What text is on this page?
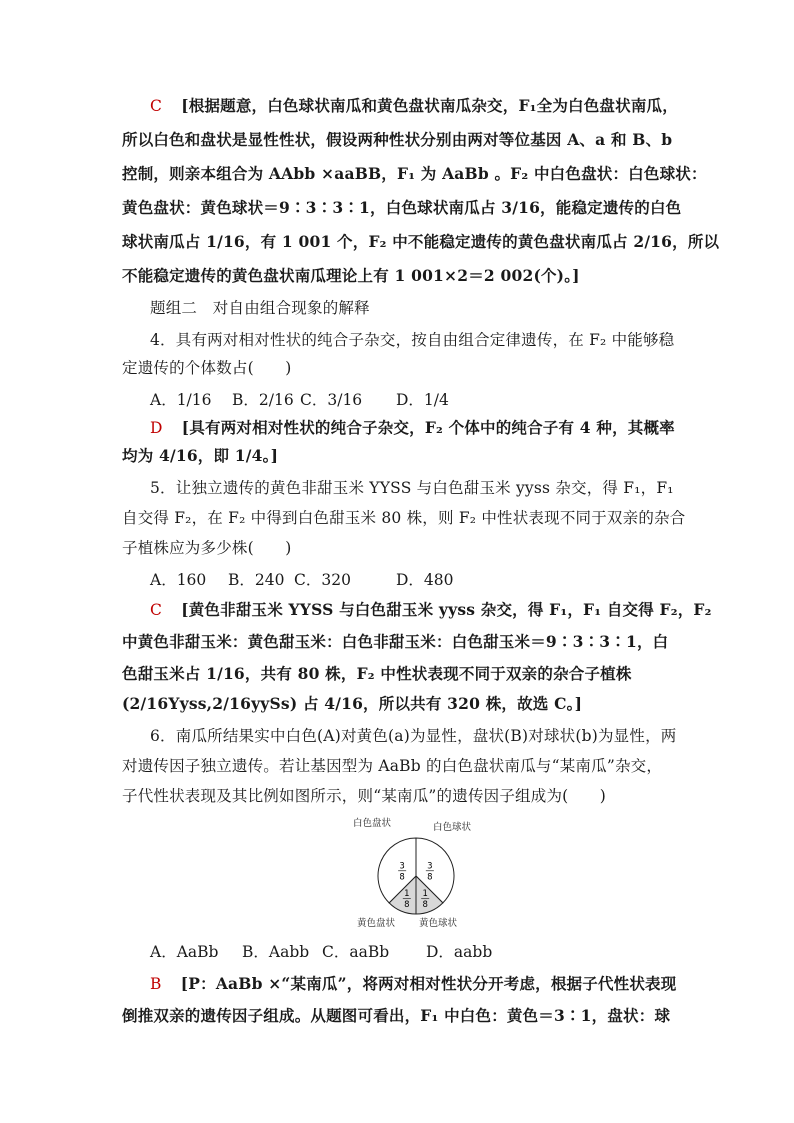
C [根据题意，白色球状南瓜和黄色盘状南瓜杂交，F₁全为白色盘状南瓜，
所以白色和盘状是显性性状，假设两种性状分别由两对等位基因 A、a 和 B、b
控制，则亲本组合为 AAbb ×aaBB，F₁ 为 AaBb 。F₂ 中白色盘状：白色球状：
黄色盘状：黄色球状＝9∶3∶3∶1，白色球状南瓜占 3/16，能稳定遗传的白色
球状南瓜占 1/16，有 1 001 个，F₂ 中不能稳定遗传的黄色盘状南瓜占 2/16，所以
不能稳定遗传的黄色盘状南瓜理论上有 1 001×2＝2 002(个)。]
题组二　对自由组合现象的解释
4．具有两对相对性状的纯合子杂交，按自由组合定律遗传，在 F₂ 中能够稳
定遗传的个体数占(　　)
A．1/16 B．2/16 C．3/16 D．1/4
D [具有两对相对性状的纯合子杂交，F₂ 个体中的纯合子有 4 种，其概率
均为 4/16，即 1/4。]
5．让独立遗传的黄色非甜玉米 YYSS 与白色甜玉米 yyss 杂交，得 F₁，F₁
自交得 F₂，在 F₂ 中得到白色甜玉米 80 株，则 F₂ 中性状表现不同于双亲的杂合
子植株应为多少株(　　)
A．160 B．240 C．320	D．480
C [黄色非甜玉米 YYSS 与白色甜玉米 yyss 杂交，得 F₁，F₁ 自交得 F₂，F₂
中黄色非甜玉米：黄色甜玉米：白色非甜玉米：白色甜玉米＝9∶3∶3∶1，白
色甜玉米占 1/16，共有 80 株，F₂ 中性状表现不同于双亲的杂合子植株
(2/16Yyss,2/16yySs) 占 4/16，所以共有 320 株，故选 C。]
6．南瓜所结果实中白色(A)对黄色(a)为显性，盘状(B)对球状(b)为显性，两
对遗传因子独立遗传。若让基因型为 AaBb 的白色盘状南瓜与“某南瓜”杂交，
子代性状表现及其比例如图所示，则“某南瓜”的遗传因子组成为(　　)
3
8
1
8
1
8
3
8
白色盘状	白色球状
黄色球状
黄色盘状
A．AaBb B．Aabb C．aaBb D．aabb
B [P：AaBb ×“某南瓜”，将两对相对性状分开考虑，根据子代性状表现
倒推双亲的遗传因子组成。从题图可看出，F₁ 中白色：黄色＝3∶1，盘状：球
